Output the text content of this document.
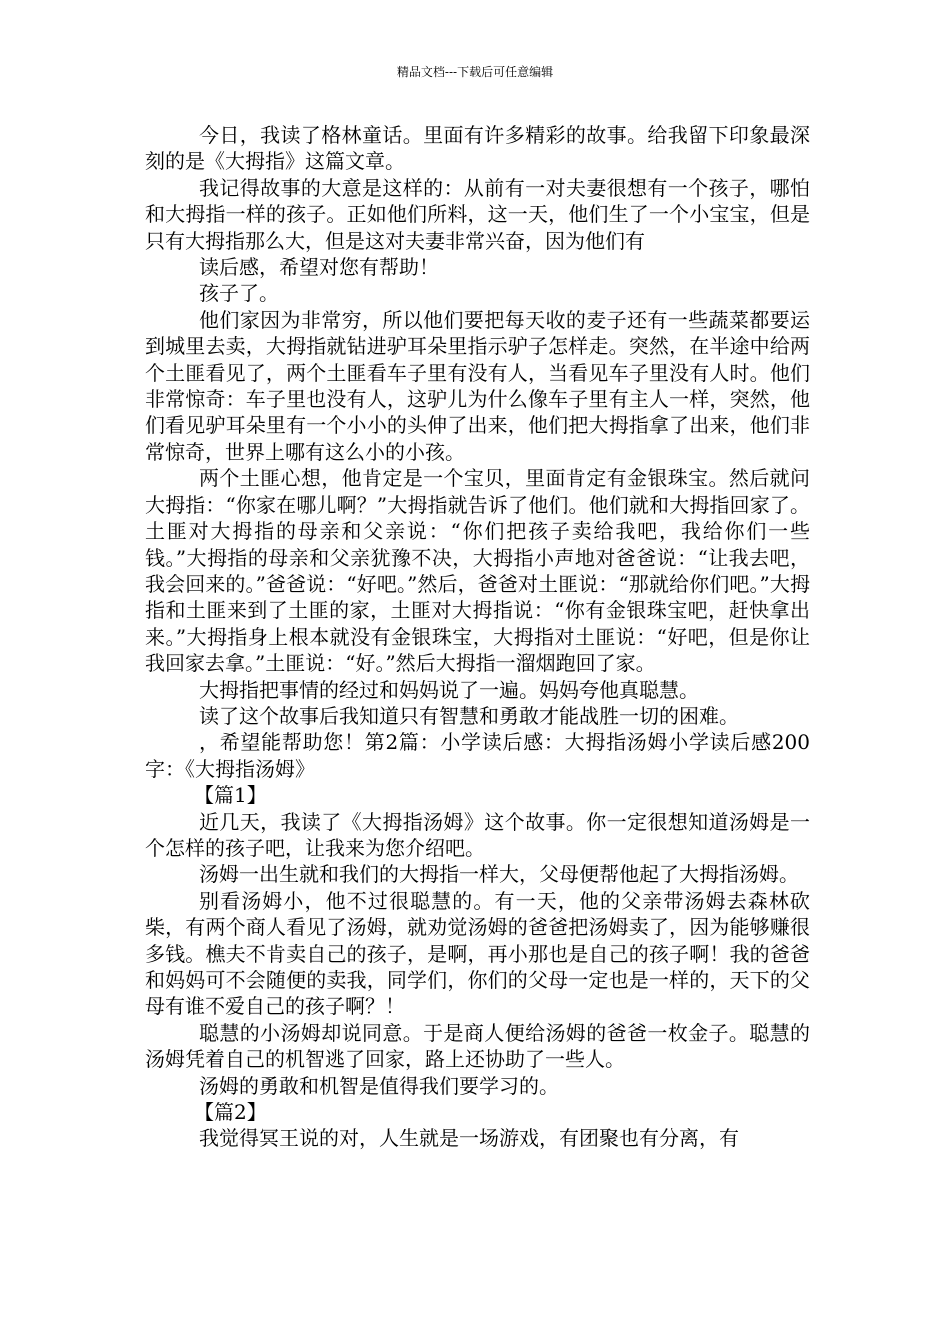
精品文档---下载后可任意编辑

今日，我读了格林童话。里面有许多精彩的故事。给我留下印象最深刻的是《大拇指》这篇文章。

我记得故事的大意是这样的：从前有一对夫妻很想有一个孩子，哪怕和大拇指一样的孩子。正如他们所料，这一天，他们生了一个小宝宝，但是只有大拇指那么大，但是这对夫妻非常兴奋，因为他们有

读后感，希望对您有帮助！

孩子了。

他们家因为非常穷，所以他们要把每天收的麦子还有一些蔬菜都要运到城里去卖，大拇指就钻进驴耳朵里指示驴子怎样走。突然，在半途中给两个土匪看见了，两个土匪看车子里有没有人，当看见车子里没有人时。他们非常惊奇：车子里也没有人，这驴儿为什么像车子里有主人一样，突然，他们看见驴耳朵里有一个小小的头伸了出来，他们把大拇指拿了出来，他们非常惊奇，世界上哪有这么小的小孩。

两个土匪心想，他肯定是一个宝贝，里面肯定有金银珠宝。然后就问大拇指：“你家在哪儿啊？”大拇指就告诉了他们。他们就和大拇指回家了。土匪对大拇指的母亲和父亲说：“你们把孩子卖给我吧，我给你们一些钱。”大拇指的母亲和父亲犹豫不决，大拇指小声地对爸爸说：“让我去吧，我会回来的。”爸爸说：“好吧。”然后，爸爸对土匪说：“那就给你们吧。”大拇指和土匪来到了土匪的家，土匪对大拇指说：“你有金银珠宝吧，赶快拿出来。”大拇指身上根本就没有金银珠宝，大拇指对土匪说：“好吧，但是你让我回家去拿。”土匪说：“好。”然后大拇指一溜烟跑回了家。

大拇指把事情的经过和妈妈说了一遍。妈妈夸他真聪慧。

读了这个故事后我知道只有智慧和勇敢才能战胜一切的困难。

，希望能帮助您！第2篇：小学读后感：大拇指汤姆小学读后感200字：《大拇指汤姆》

【篇1】

近几天，我读了《大拇指汤姆》这个故事。你一定很想知道汤姆是一个怎样的孩子吧，让我来为您介绍吧。

汤姆一出生就和我们的大拇指一样大，父母便帮他起了大拇指汤姆。

别看汤姆小，他不过很聪慧的。有一天，他的父亲带汤姆去森林砍柴，有两个商人看见了汤姆，就劝觉汤姆的爸爸把汤姆卖了，因为能够赚很多钱。樵夫不肯卖自己的孩子，是啊，再小那也是自己的孩子啊！我的爸爸和妈妈可不会随便的卖我，同学们，你们的父母一定也是一样的，天下的父母有谁不爱自己的孩子啊？！

聪慧的小汤姆却说同意。于是商人便给汤姆的爸爸一枚金子。聪慧的汤姆凭着自己的机智逃了回家，路上还协助了一些人。

汤姆的勇敢和机智是值得我们要学习的。

【篇2】

我觉得冥王说的对，人生就是一场游戏，有团聚也有分离，有
